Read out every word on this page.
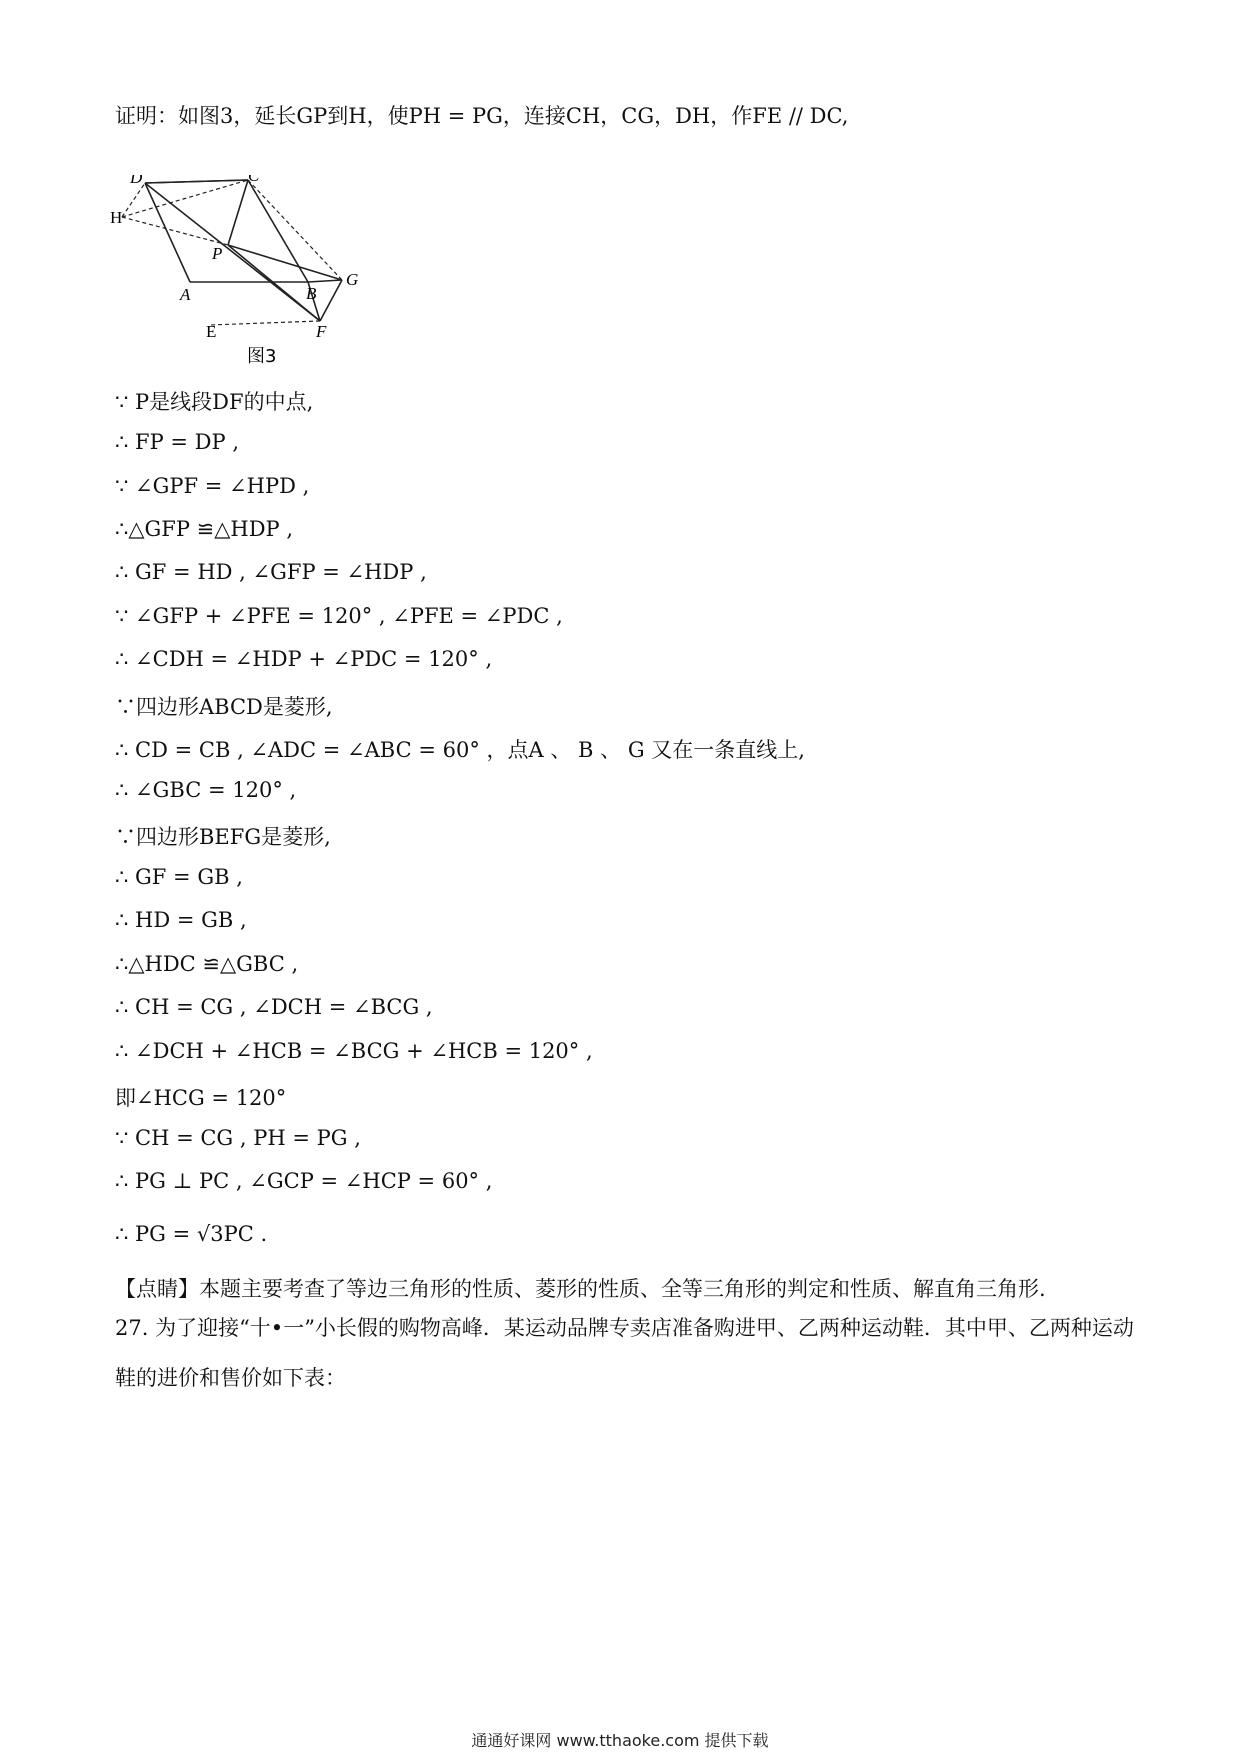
证明：如图3，延长GP到H，使PH = PG，连接CH，CG，DH，作FE // DC,
D	C
H
P
A	B
G
E	F
图3
∵ P是线段DF的中点,
∴ FP = DP ,
∵ ∠GPF = ∠HPD ,
∴△GFP ≌△HDP ,
∴ GF = HD , ∠GFP = ∠HDP ,
∵ ∠GFP + ∠PFE = 120° , ∠PFE = ∠PDC ,
∴ ∠CDH = ∠HDP + ∠PDC = 120° ,
∵四边形ABCD是菱形,
∴ CD = CB , ∠ADC = ∠ABC = 60° ，点A 、 B 、 G 又在一条直线上,
∴ ∠GBC = 120° ,
∵四边形BEFG是菱形,
∴ GF = GB ,
∴ HD = GB ,
∴△HDC ≌△GBC ,
∴ CH = CG , ∠DCH = ∠BCG ,
∴ ∠DCH + ∠HCB = ∠BCG + ∠HCB = 120° ,
即∠HCG = 120°
∵ CH = CG , PH = PG ,
∴ PG ⊥ PC , ∠GCP = ∠HCP = 60° ,
∴ PG = √3PC .
【点睛】本题主要考查了等边三角形的性质、菱形的性质、全等三角形的判定和性质、解直角三角形.
27. 为了迎接“十•一”小长假的购物高峰．某运动品牌专卖店准备购进甲、乙两种运动鞋．其中甲、乙两种运动鞋的进价和售价如下表：
通通好课网 www.tthaoke.com 提供下载
